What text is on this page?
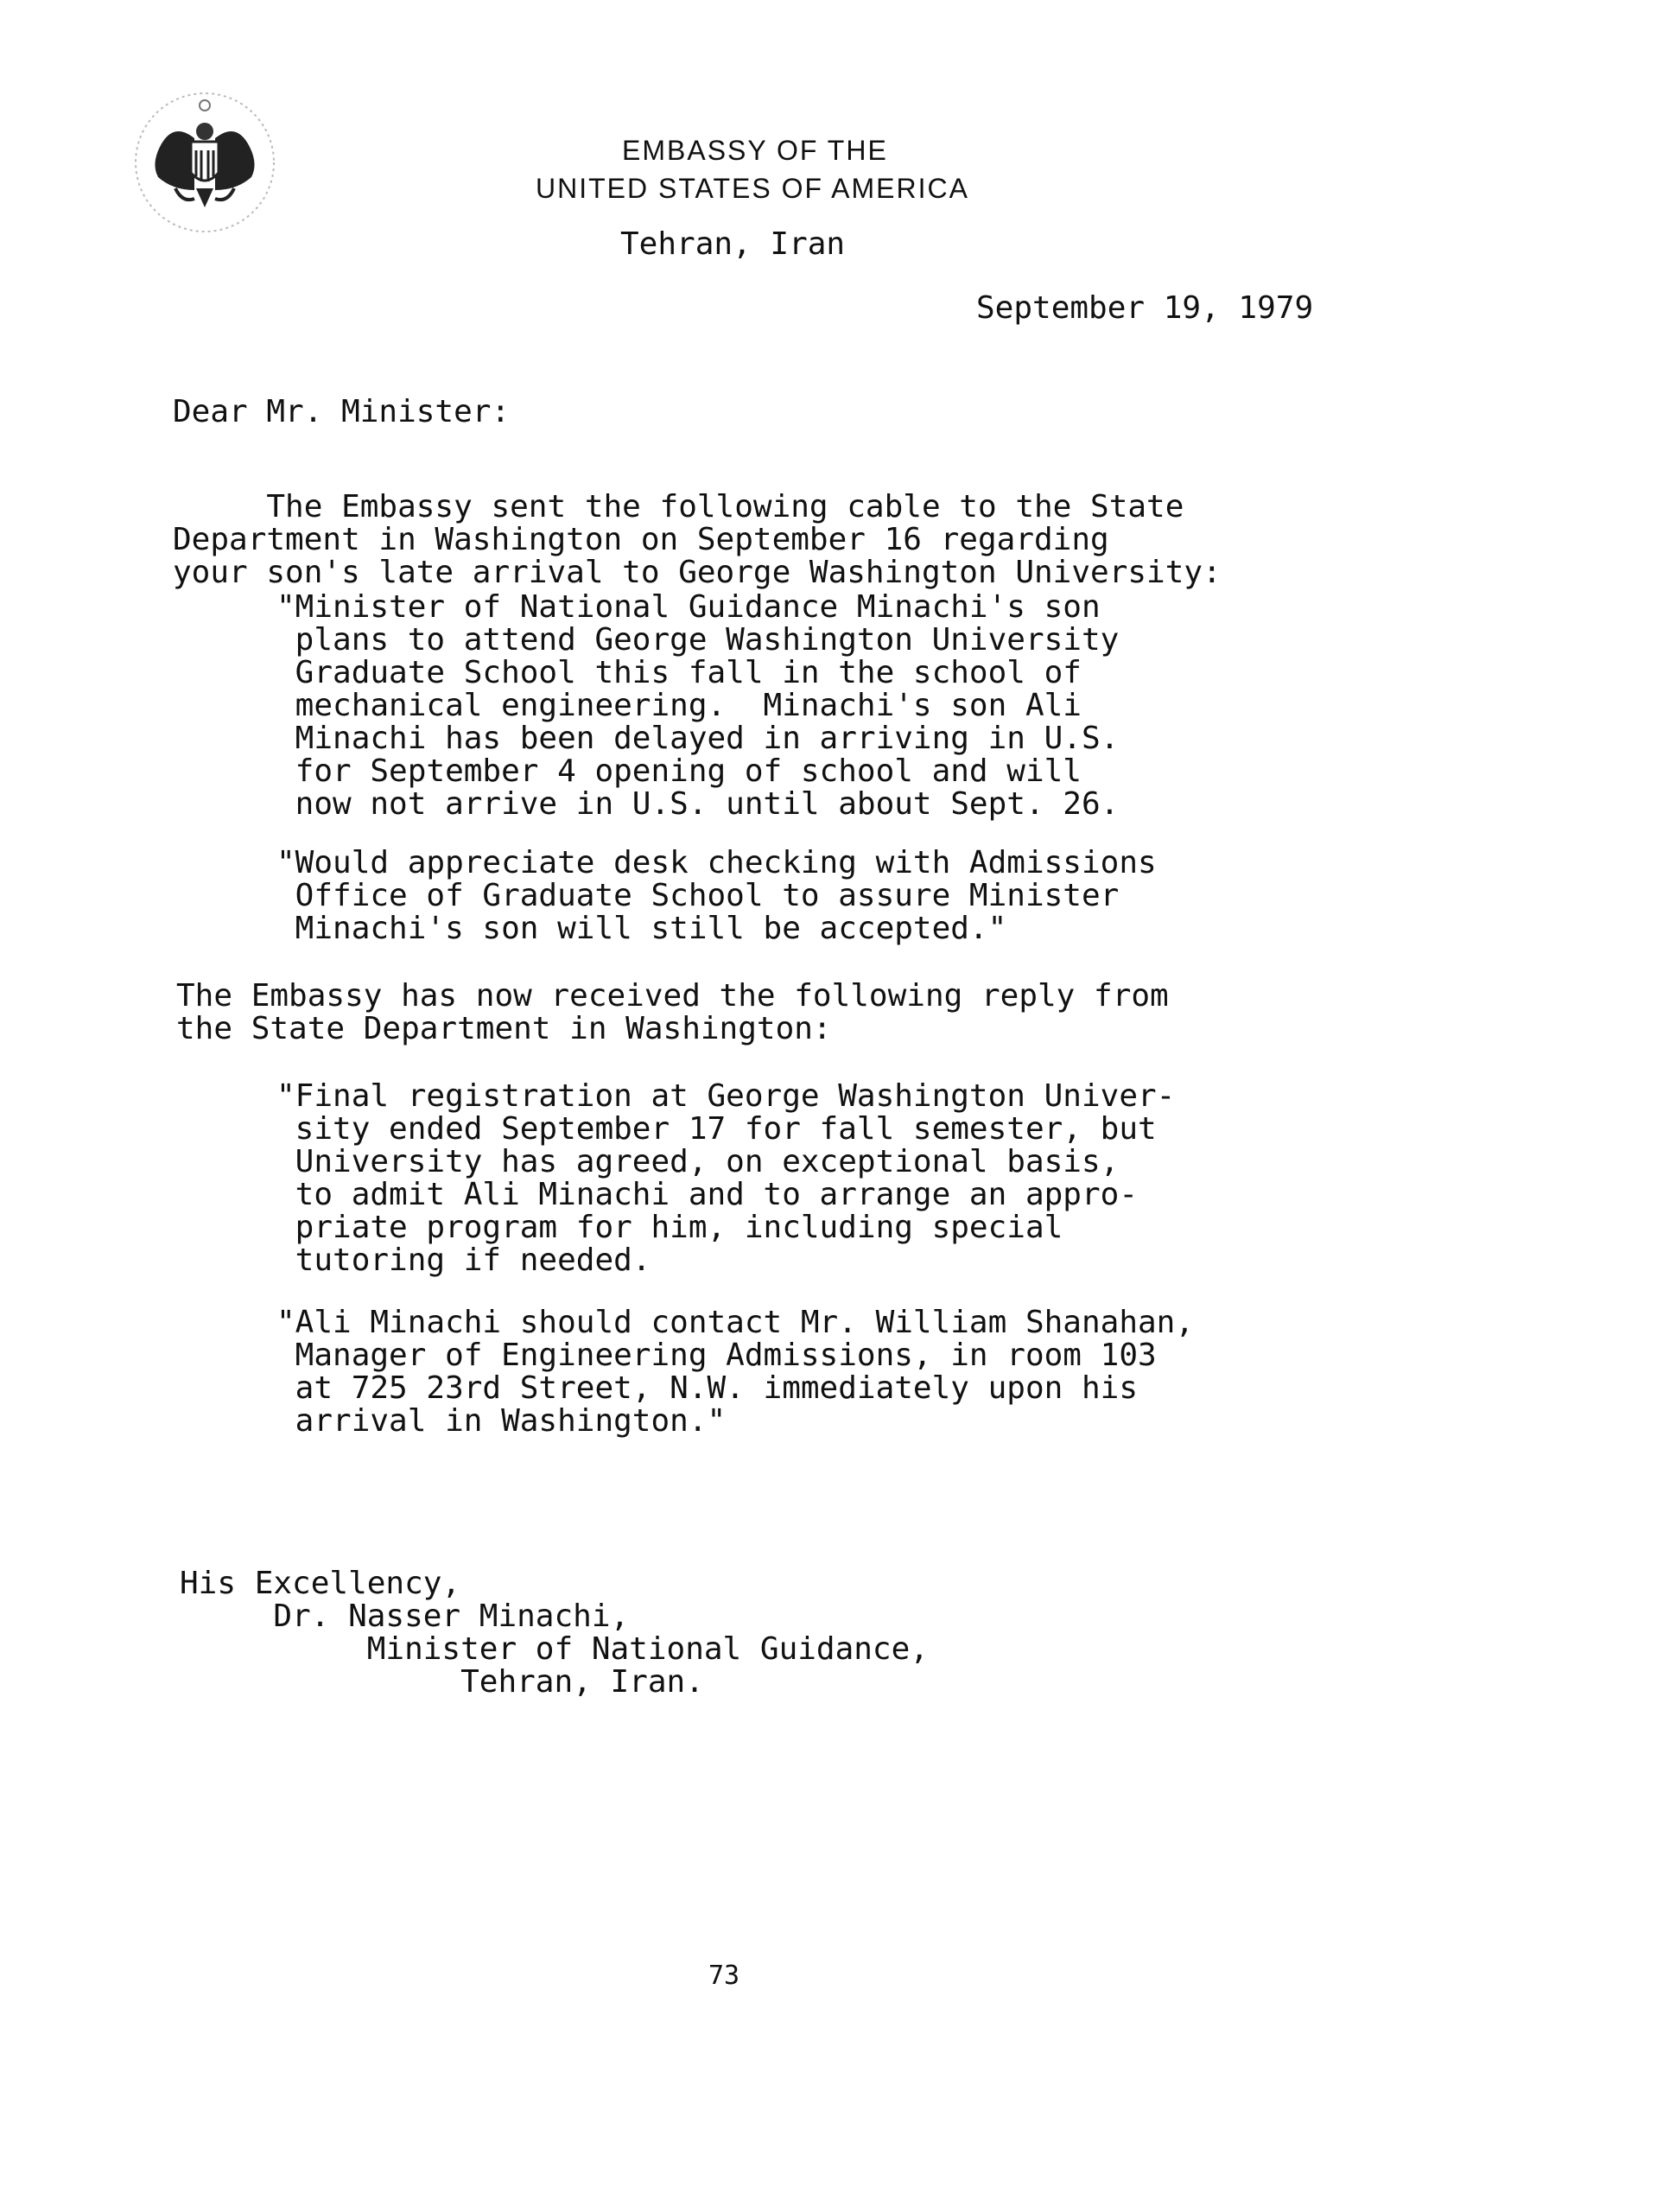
EMBASSY OF THE
UNITED STATES OF AMERICA
Tehran, Iran
September 19, 1979
Dear Mr. Minister:

The Embassy sent the following cable to the State
Department in Washington on September 16 regarding
your son's late arrival to George Washington University:
"Minister of National Guidance Minachi's son
plans to attend George Washington University
Graduate School this fall in the school of
mechanical engineering.  Minachi's son Ali
Minachi has been delayed in arriving in U.S.
for September 4 opening of school and will
now not arrive in U.S. until about Sept. 26.
"Would appreciate desk checking with Admissions
Office of Graduate School to assure Minister
Minachi's son will still be accepted."
The Embassy has now received the following reply from
the State Department in Washington:
"Final registration at George Washington Univer-
sity ended September 17 for fall semester, but
University has agreed, on exceptional basis,
to admit Ali Minachi and to arrange an appro-
priate program for him, including special
tutoring if needed.
"Ali Minachi should contact Mr. William Shanahan,
Manager of Engineering Admissions, in room 103
at 725 23rd Street, N.W. immediately upon his
arrival in Washington."
His Excellency,
Dr. Nasser Minachi,
Minister of National Guidance,
Tehran, Iran.
73
